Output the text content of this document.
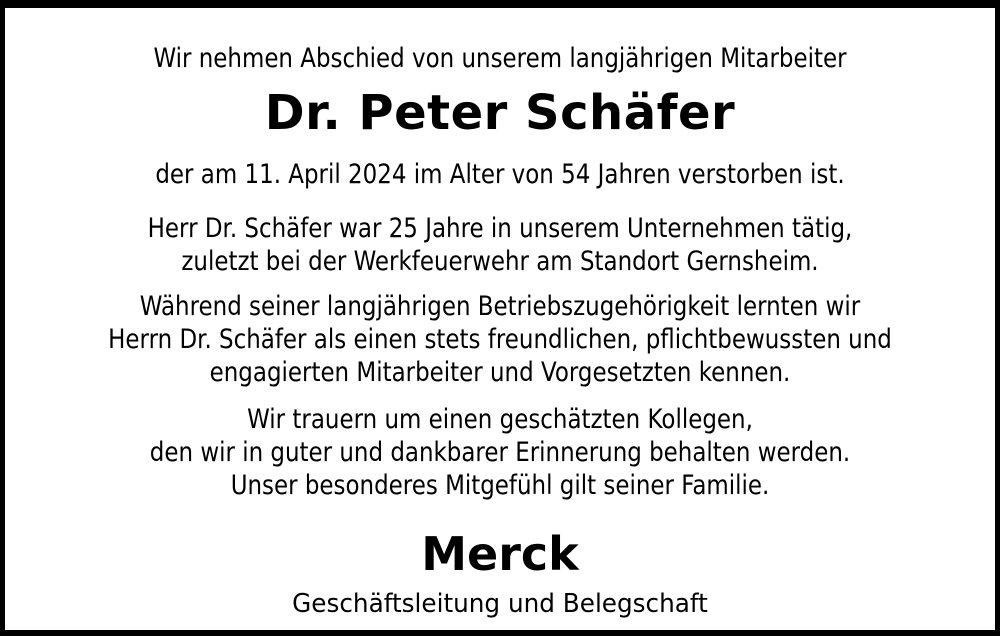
Wir nehmen Abschied von unserem langjährigen Mitarbeiter

Dr. Peter Schäfer

der am 11. April 2024 im Alter von 54 Jahren verstorben ist.

Herr Dr. Schäfer war 25 Jahre in unserem Unternehmen tätig,
zuletzt bei der Werkfeuerwehr am Standort Gernsheim.
Während seiner langjährigen Betriebszugehörigkeit lernten wir
Herrn Dr. Schäfer als einen stets freundlichen, pflichtbewussten und
engagierten Mitarbeiter und Vorgesetzten kennen.
Wir trauern um einen geschätzten Kollegen,
den wir in guter und dankbarer Erinnerung behalten werden.
Unser besonderes Mitgefühl gilt seiner Familie.
Merck

Geschäftsleitung und Belegschaft
